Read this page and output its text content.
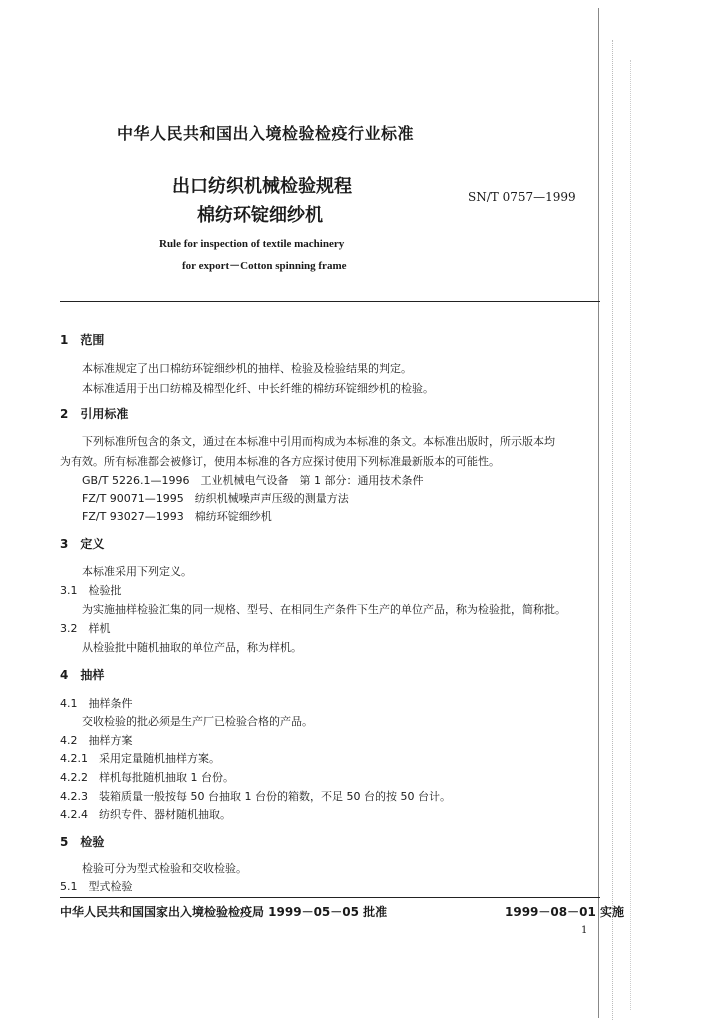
中华人民共和国出入境检验检疫行业标准
出口纺织机械检验规程
棉纺环锭细纱机
SN/T 0757—1999
Rule for inspection of textile machinery
for export－Cotton spinning frame
1　范围
本标准规定了出口棉纺环锭细纱机的抽样、检验及检验结果的判定。
本标准适用于出口纺棉及棉型化纤、中长纤维的棉纺环锭细纱机的检验。
2　引用标准
下列标准所包含的条文，通过在本标准中引用而构成为本标准的条文。本标准出版时，所示版本均
为有效。所有标准都会被修订，使用本标准的各方应探讨使用下列标准最新版本的可能性。
GB/T 5226.1—1996　工业机械电气设备　第 1 部分：通用技术条件
FZ/T 90071—1995　纺织机械噪声声压级的测量方法
FZ/T 93027—1993　棉纺环锭细纱机
3　定义
本标准采用下列定义。
3.1　检验批
为实施抽样检验汇集的同一规格、型号、在相同生产条件下生产的单位产品，称为检验批，简称批。
3.2　样机
从检验批中随机抽取的单位产品，称为样机。
4　抽样
4.1　抽样条件
交收检验的批必须是生产厂已检验合格的产品。
4.2　抽样方案
4.2.1　采用定量随机抽样方案。
4.2.2　样机每批随机抽取 1 台份。
4.2.3　装箱质量一般按每 50 台抽取 1 台份的箱数，不足 50 台的按 50 台计。
4.2.4　纺织专件、器材随机抽取。
5　检验
检验可分为型式检验和交收检验。
5.1　型式检验
中华人民共和国国家出入境检验检疫局 1999－05－05 批准	1999－08－01 实施
1
